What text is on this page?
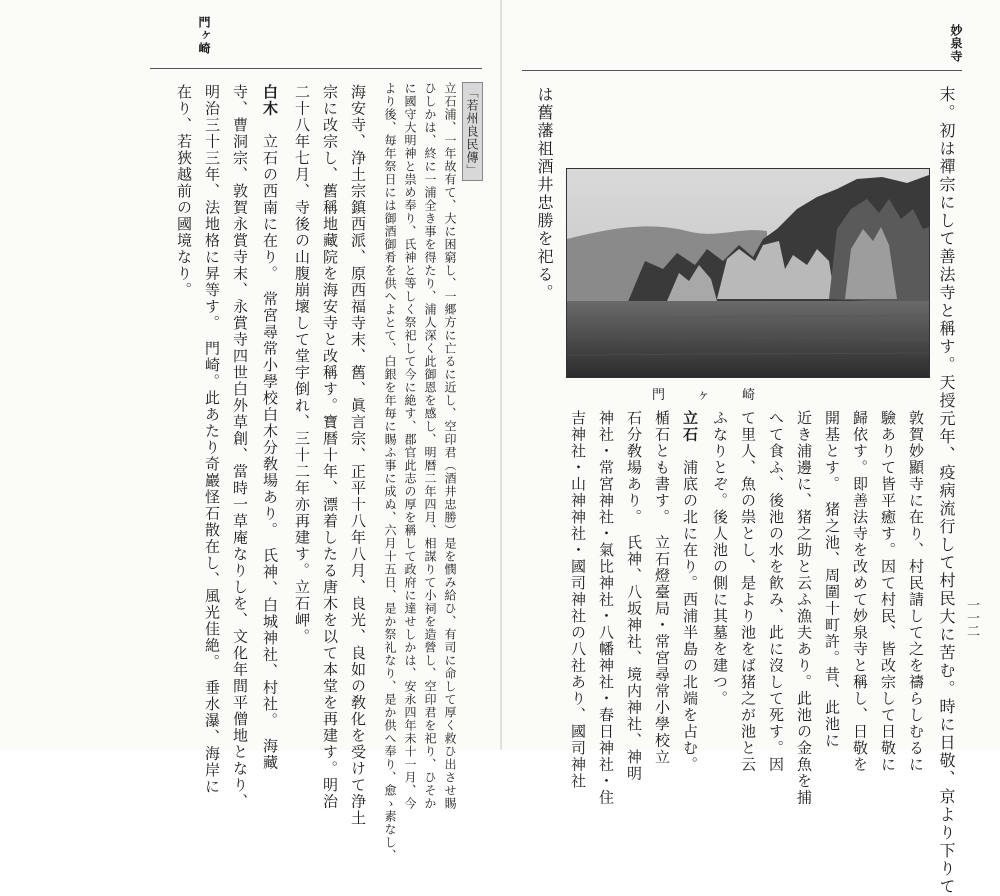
門ヶ崎
「若州良民傳」
立石浦、一年故有て、大に困窮し、一郷方に亡るに近し、空印君（酒井忠勝）是を憫み給ひ、有司に命して厚く救ひ出させ賜
ひしかは、終に一浦全き事を得たり、浦人深く此御恩を感し、明暦二年四月、相謀りて小祠を造營し、空印君を祀り、ひそか
に國守大明神と祟め奉り、氏神と等しく祭祀して今に絶す、郡官此志の厚を稱して政府に達せしかは、安永四年未十一月、今
より後、毎年祭日には御酒御肴を供へよとて、白銀を年毎に賜ふ事に成ぬ、六月十五日、是か祭礼なり、是か供へ奉り、愈ゝ素なし、
海安寺、浄土宗鎮西派、原西福寺末、舊、眞言宗、正平十八年八月、良光、良如の敎化を受けて浄土
宗に改宗し、舊稱地藏院を海安寺と改稱す。寶暦十年、漂着したる唐木を以て本堂を再建す。明治
二十八年七月、寺後の山腹崩壞して堂宇倒れ、三十二年亦再建す。立石岬。
白木　立石の西南に在り。　常宮尋常小學校白木分敎場あり。　氏神、白城神社、村社。　海藏
寺、曹洞宗、敦賀永賞寺末、永賞寺四世白外草創、當時一草庵なりしを、文化年間平僧地となり、
明治三十三年、法地格に昇等す。　門崎。此あたり奇巖怪石散在し、風光佳絶。　垂水瀑、海岸に
在り、若狹越前の國境なり。
妙泉寺
一一二
末。初は禪宗にして善法寺と稱す。天授元年、疫病流行して村民大に苦む。時に日敬、京より下りて
は舊藩祖酒井忠勝を祀る。
門　　ヶ　　崎
敦賀妙顯寺に在り、村民請して之を禱らしむるに
驗ありて皆平癒す。因て村民、皆改宗して日敬に
歸依す。即善法寺を改めて妙泉寺と稱し、日敬を
開基とす。　猪之池、周圍十町許。昔、此池に
近き浦邊に、猪之助と云ふ漁夫あり。此池の金魚を捕
へて食ふ、後池の水を飮み、此に沒して死す。因
て里人、魚の祟とし、是より池をば猪之が池と云
ふなりとぞ。後人池の側に其墓を建つ。
立石　浦底の北に在り。西浦半島の北端を占む。
楯石とも書す。　立石燈臺局・常宮尋常小學校立
石分敎場あり。　氏神、八坂神社、境内神社、神明
神社・常宮神社・氣比神社・八幡神社・春日神社・住
吉神社・山神神社・國司神社の八社あり、國司神社
